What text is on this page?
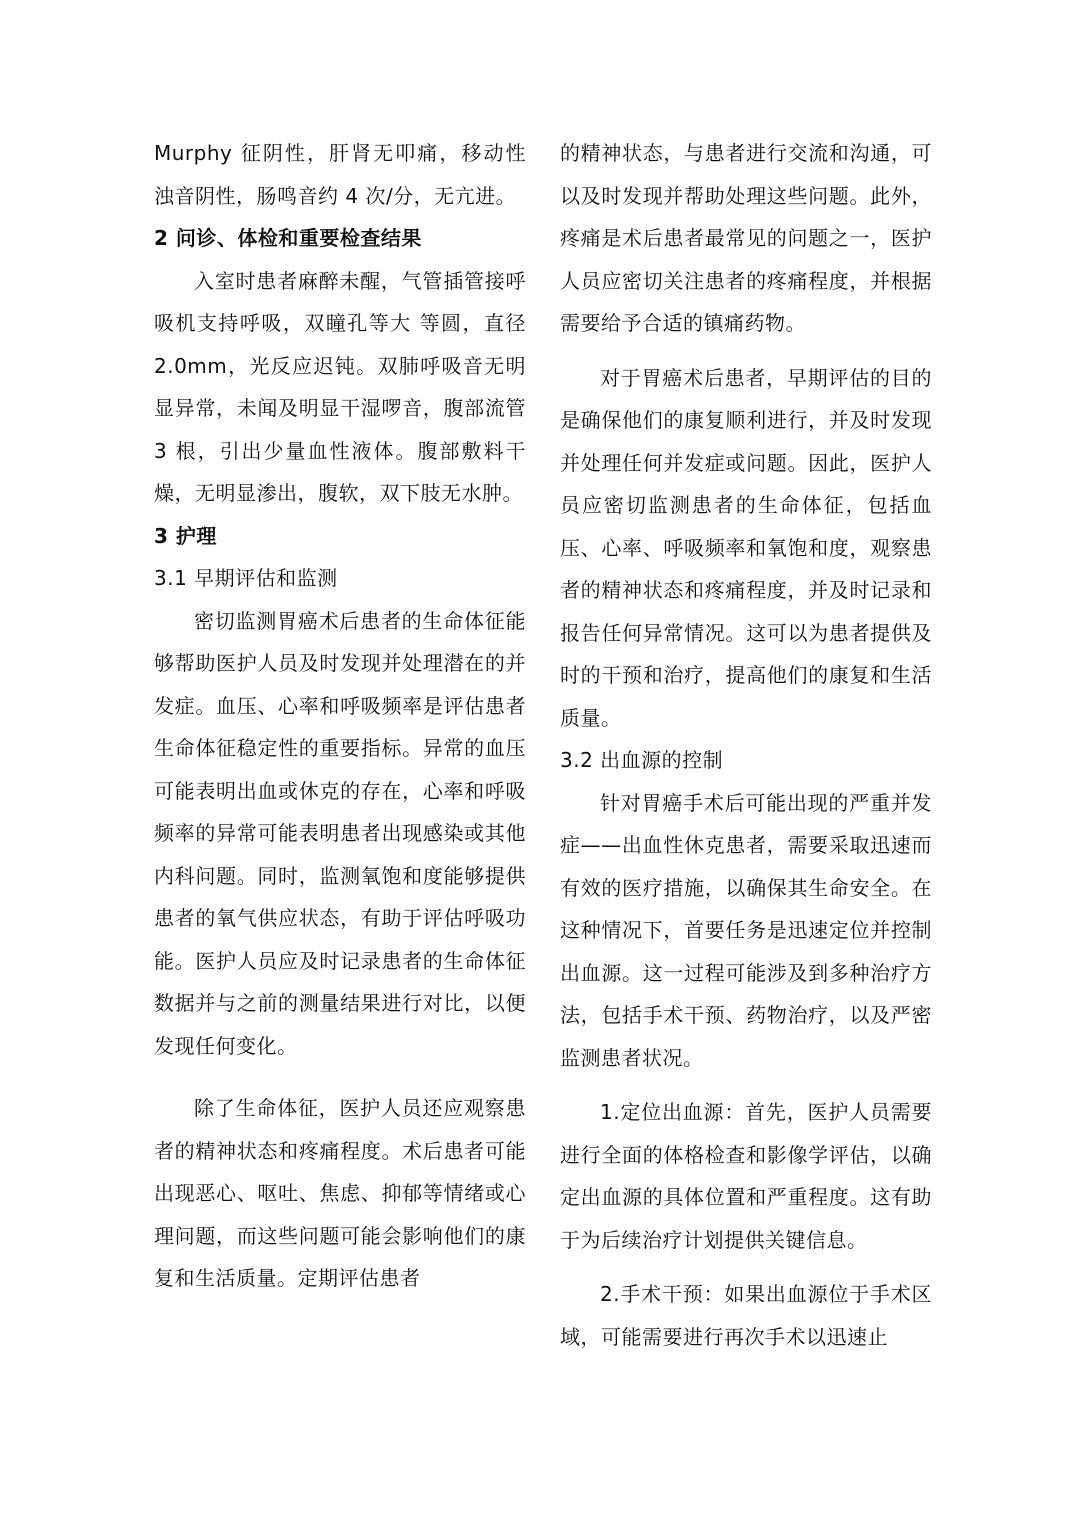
Murphy 征阴性，肝肾无叩痛，移动性浊音阴性，肠鸣音约 4 次/分，无亢进。

2 问诊、体检和重要检查结果

入室时患者麻醉未醒，气管插管接呼吸机支持呼吸，双瞳孔等大 等圆，直径 2.0mm，光反应迟钝。双肺呼吸音无明显异常，未闻及明显干湿啰音，腹部流管 3 根，引出少量血性液体。腹部敷料干燥，无明显渗出，腹软，双下肢无水肿。

3 护理

3.1 早期评估和监测

密切监测胃癌术后患者的生命体征能够帮助医护人员及时发现并处理潜在的并发症。血压、心率和呼吸频率是评估患者生命体征稳定性的重要指标。异常的血压可能表明出血或休克的存在，心率和呼吸频率的异常可能表明患者出现感染或其他内科问题。同时，监测氧饱和度能够提供患者的氧气供应状态，有助于评估呼吸功能。医护人员应及时记录患者的生命体征数据并与之前的测量结果进行对比，以便发现任何变化。

除了生命体征，医护人员还应观察患者的精神状态和疼痛程度。术后患者可能出现恶心、呕吐、焦虑、抑郁等情绪或心理问题，而这些问题可能会影响他们的康复和生活质量。定期评估患者

的精神状态，与患者进行交流和沟通，可以及时发现并帮助处理这些问题。此外，疼痛是术后患者最常见的问题之一，医护人员应密切关注患者的疼痛程度，并根据需要给予合适的镇痛药物。

对于胃癌术后患者，早期评估的目的是确保他们的康复顺利进行，并及时发现并处理任何并发症或问题。因此，医护人员应密切监测患者的生命体征，包括血压、心率、呼吸频率和氧饱和度，观察患者的精神状态和疼痛程度，并及时记录和报告任何异常情况。这可以为患者提供及时的干预和治疗，提高他们的康复和生活质量。

3.2 出血源的控制

针对胃癌手术后可能出现的严重并发症——出血性休克患者，需要采取迅速而有效的医疗措施，以确保其生命安全。在这种情况下，首要任务是迅速定位并控制出血源。这一过程可能涉及到多种治疗方法，包括手术干预、药物治疗，以及严密监测患者状况。

1.定位出血源：首先，医护人员需要进行全面的体格检查和影像学评估，以确定出血源的具体位置和严重程度。这有助于为后续治疗计划提供关键信息。

2.手术干预：如果出血源位于手术区域，可能需要进行再次手术以迅速止
